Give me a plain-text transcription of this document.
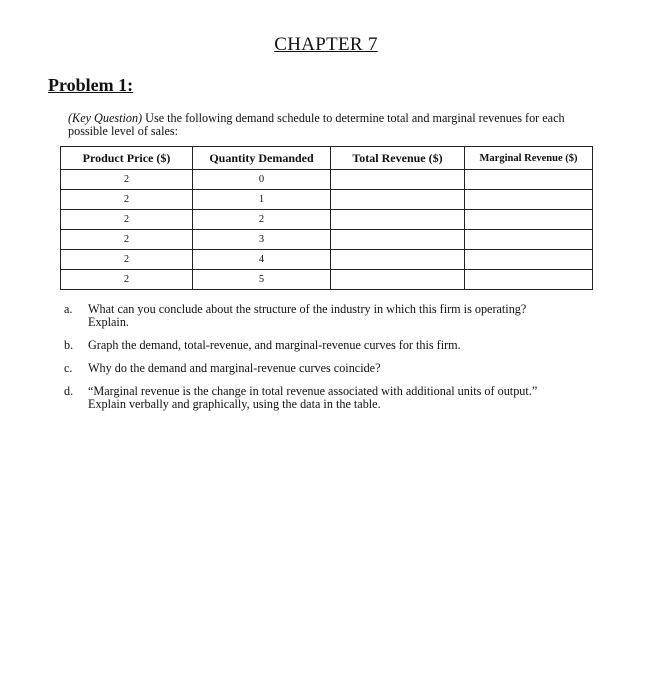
CHAPTER 7
Problem 1:
(Key Question) Use the following demand schedule to determine total and marginal revenues for each possible level of sales:
Product Price ($)	Quantity Demanded	Total Revenue ($)	Marginal Revenue ($)
2	0		
2	1		
2	2		
2	3		
2	4		
2	5		
a.	What can you conclude about the structure of the industry in which this firm is operating?
Explain.
b.	Graph the demand, total-revenue, and marginal-revenue curves for this firm.
c.	Why do the demand and marginal-revenue curves coincide?
d.	“Marginal revenue is the change in total revenue associated with additional units of output.”
Explain verbally and graphically, using the data in the table.
